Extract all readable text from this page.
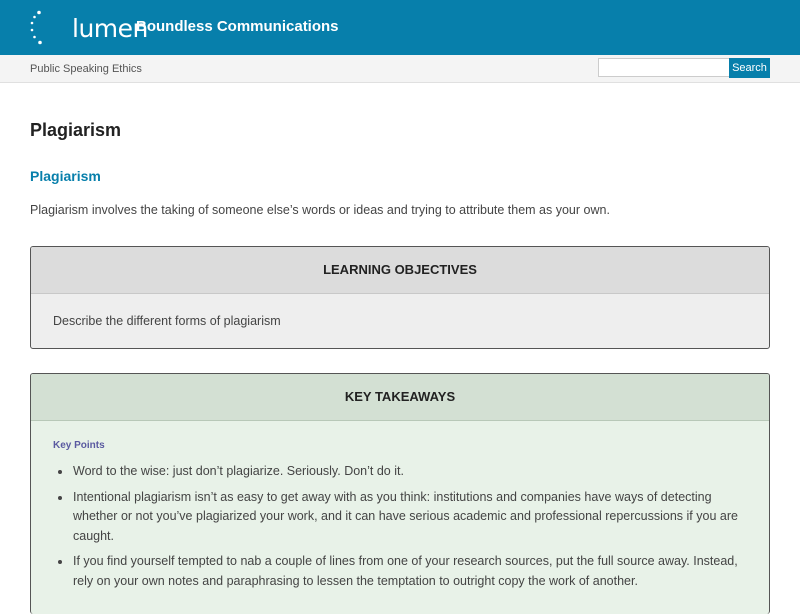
lumen
Boundless Communications
Public Speaking Ethics	Search
Plagiarism
Plagiarism

Plagiarism involves the taking of someone else’s words or ideas and trying to attribute them as your own.

LEARNING OBJECTIVES
Describe the different forms of plagiarism
KEY TAKEAWAYS
Key Points
• Word to the wise: just don’t plagiarize. Seriously. Don’t do it.
• Intentional plagiarism isn’t as easy to get away with as you think: institutions and companies have ways of detecting whether or not you’ve plagiarized your work, and it can have serious academic and professional repercussions if you are caught.
• If you find yourself tempted to nab a couple of lines from one of your research sources, put the full source away. Instead, rely on your own notes and paraphrasing to lessen the temptation to outright copy the work of another.
